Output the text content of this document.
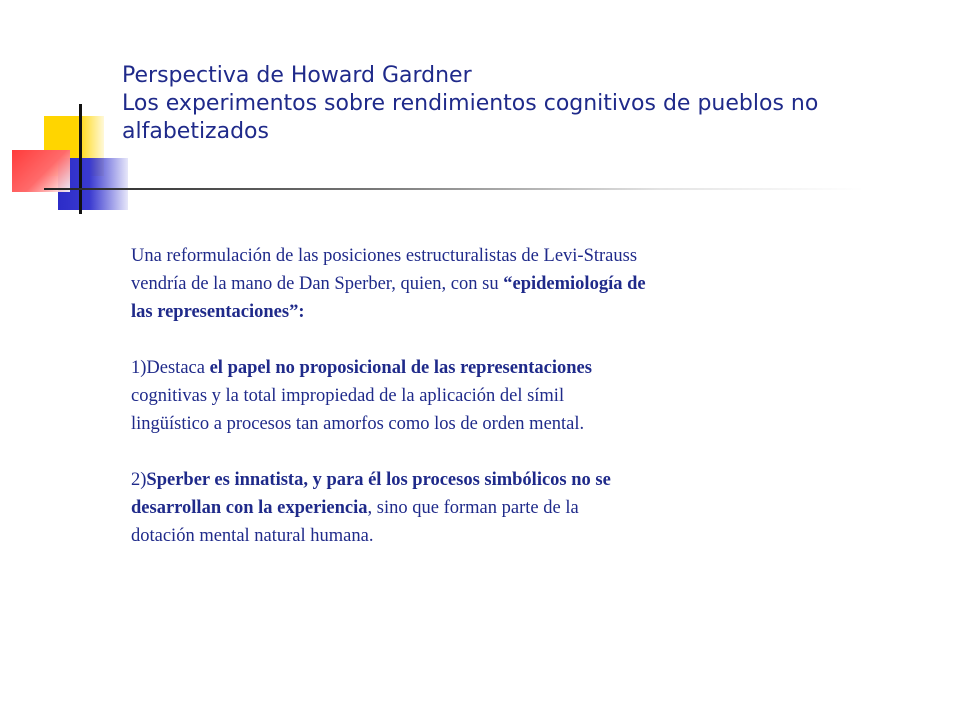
Perspectiva de Howard Gardner
Los experimentos sobre rendimientos cognitivos de pueblos no
alfabetizados

Una reformulación de las posiciones estructuralistas de Levi-Strauss
vendría de la mano de Dan Sperber, quien, con su “epidemiología de
las representaciones”:

1)Destaca el papel no proposicional de las representaciones
cognitivas y la total impropiedad de la aplicación del símil
lingüístico a procesos tan amorfos como los de orden mental.

2)Sperber es innatista, y para él los procesos simbólicos no se
desarrollan con la experiencia, sino que forman parte de la
dotación mental natural humana.
